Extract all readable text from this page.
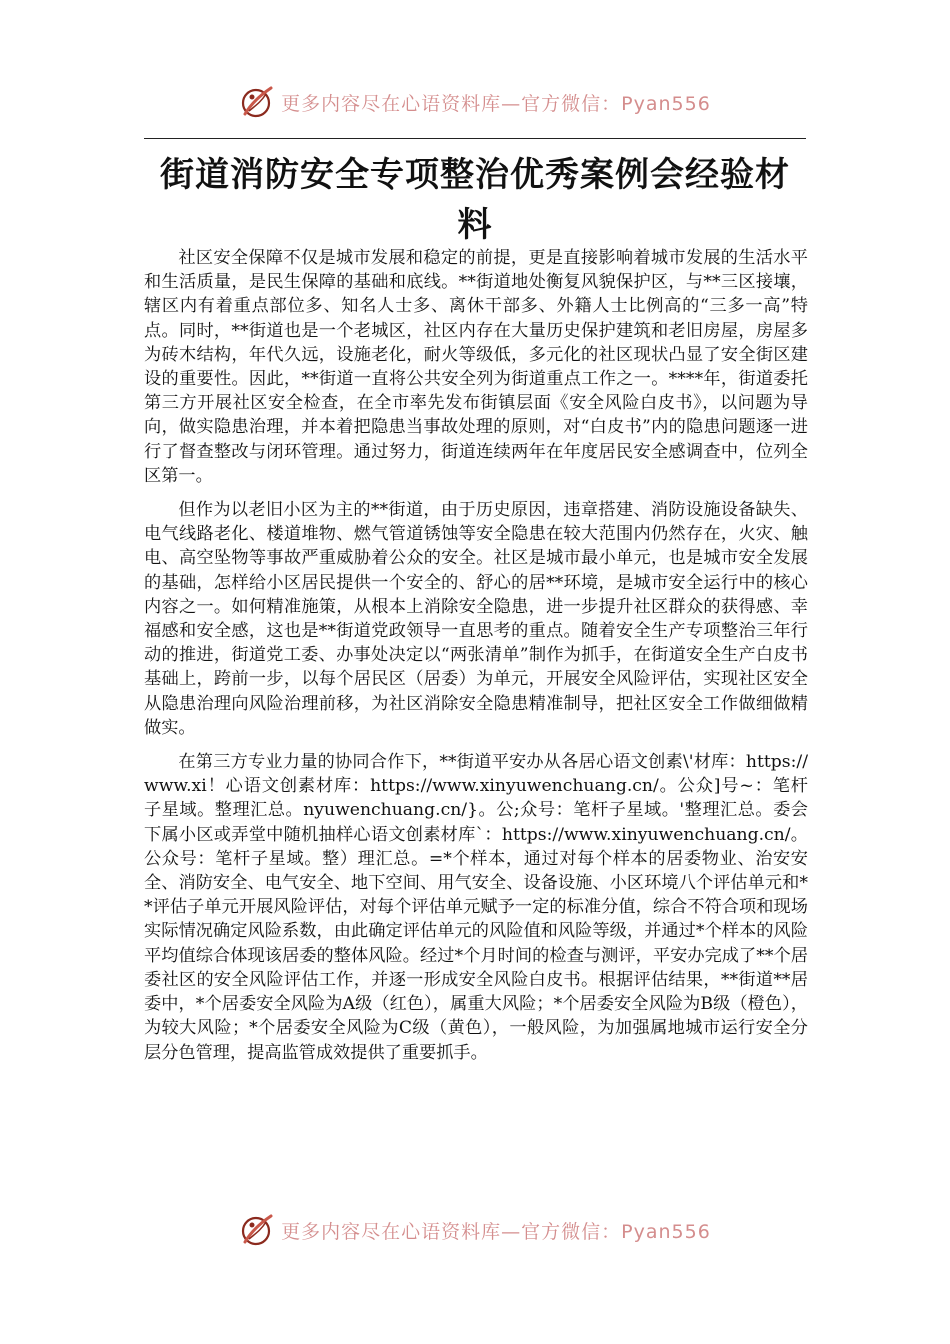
更多内容尽在心语资料库—官方微信：Pyan556
街道消防安全专项整治优秀案例会经验材料

社区安全保障不仅是城市发展和稳定的前提，更是直接影响着城市发展的生活水平和生活质量，是民生保障的基础和底线。**街道地处衡复风貌保护区，与**三区接壤，辖区内有着重点部位多、知名人士多、离休干部多、外籍人士比例高的“三多一高”特点。同时，**街道也是一个老城区，社区内存在大量历史保护建筑和老旧房屋，房屋多为砖木结构，年代久远，设施老化，耐火等级低，多元化的社区现状凸显了安全街区建设的重要性。因此，**街道一直将公共安全列为街道重点工作之一。****年，街道委托第三方开展社区安全检查，在全市率先发布街镇层面《安全风险白皮书》，以问题为导向，做实隐患治理，并本着把隐患当事故处理的原则，对“白皮书”内的隐患问题逐一进行了督查整改与闭环管理。通过努力，街道连续两年在年度居民安全感调查中，位列全区第一。

但作为以老旧小区为主的**街道，由于历史原因，违章搭建、消防设施设备缺失、电气线路老化、楼道堆物、燃气管道锈蚀等安全隐患在较大范围内仍然存在，火灾、触电、高空坠物等事故严重威胁着公众的安全。社区是城市最小单元，也是城市安全发展的基础，怎样给小区居民提供一个安全的、舒心的居**环境，是城市安全运行中的核心内容之一。如何精准施策，从根本上消除安全隐患，进一步提升社区群众的获得感、幸福感和安全感，这也是**街道党政领导一直思考的重点。随着安全生产专项整治三年行动的推进，街道党工委、办事处决定以“两张清单”制作为抓手，在街道安全生产白皮书基础上，跨前一步，以每个居民区（居委）为单元，开展安全风险评估，实现社区安全从隐患治理向风险治理前移，为社区消除安全隐患精准制导，把社区安全工作做细做精做实。

在第三方专业力量的协同合作下，**街道平安办从各居心语文创素\'材库：https://www.xi！心语文创素材库：https://www.xinyuwenchuang.cn/。公众]号~：笔杆子星域。整理汇总。nyuwenchuang.cn/}。公;众号：笔杆子星域。'整理汇总。委会下属小区或弄堂中随机抽样心语文创素材库`：https://www.xinyuwenchuang.cn/。公众号：笔杆子星域。整）理汇总。=*个样本，通过对每个样本的居委物业、治安安全、消防安全、电气安全、地下空间、用气安全、设备设施、小区环境八个评估单元和**评估子单元开展风险评估，对每个评估单元赋予一定的标准分值，综合不符合项和现场实际情况确定风险系数，由此确定评估单元的风险值和风险等级，并通过*个样本的风险平均值综合体现该居委的整体风险。经过*个月时间的检查与测评，平安办完成了**个居委社区的安全风险评估工作，并逐一形成安全风险白皮书。根据评估结果，**街道**居委中，*个居委安全风险为A级（红色），属重大风险；*个居委安全风险为B级（橙色），为较大风险；*个居委安全风险为C级（黄色），一般风险，为加强属地城市运行安全分层分色管理，提高监管成效提供了重要抓手。

更多内容尽在心语资料库—官方微信：Pyan556
